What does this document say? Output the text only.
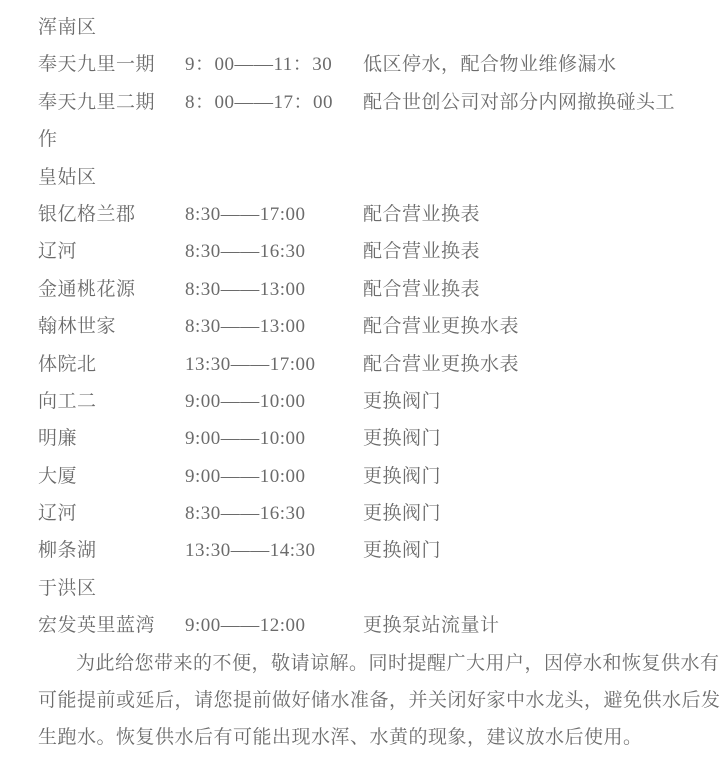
浑南区
奉天九里一期 9：00——11：30 低区停水，配合物业维修漏水
奉天九里二期 8：00——17：00 配合世创公司对部分内网撤换碰头工
作
皇姑区
银亿格兰郡	8:30——17:00	配合营业换表
辽河	8:30——16:30	配合营业换表
金通桃花源	8:30——13:00	配合营业换表
翰林世家	8:30——13:00	配合营业更换水表
体院北	13:30——17:00 配合营业更换水表
向工二	9:00——10:00	更换阀门
明廉	9:00——10:00	更换阀门
大厦	9:00——10:00	更换阀门
辽河	8:30——16:30	更换阀门
柳条湖	13:30——14:30 更换阀门
于洪区
宏发英里蓝湾 9:00——12:00	更换泵站流量计
为此给您带来的不便，敬请谅解。同时提醒广大用户，因停水和恢复供水有
可能提前或延后，请您提前做好储水准备，并关闭好家中水龙头，避免供水后发
生跑水。恢复供水后有可能出现水浑、水黄的现象，建议放水后使用。
